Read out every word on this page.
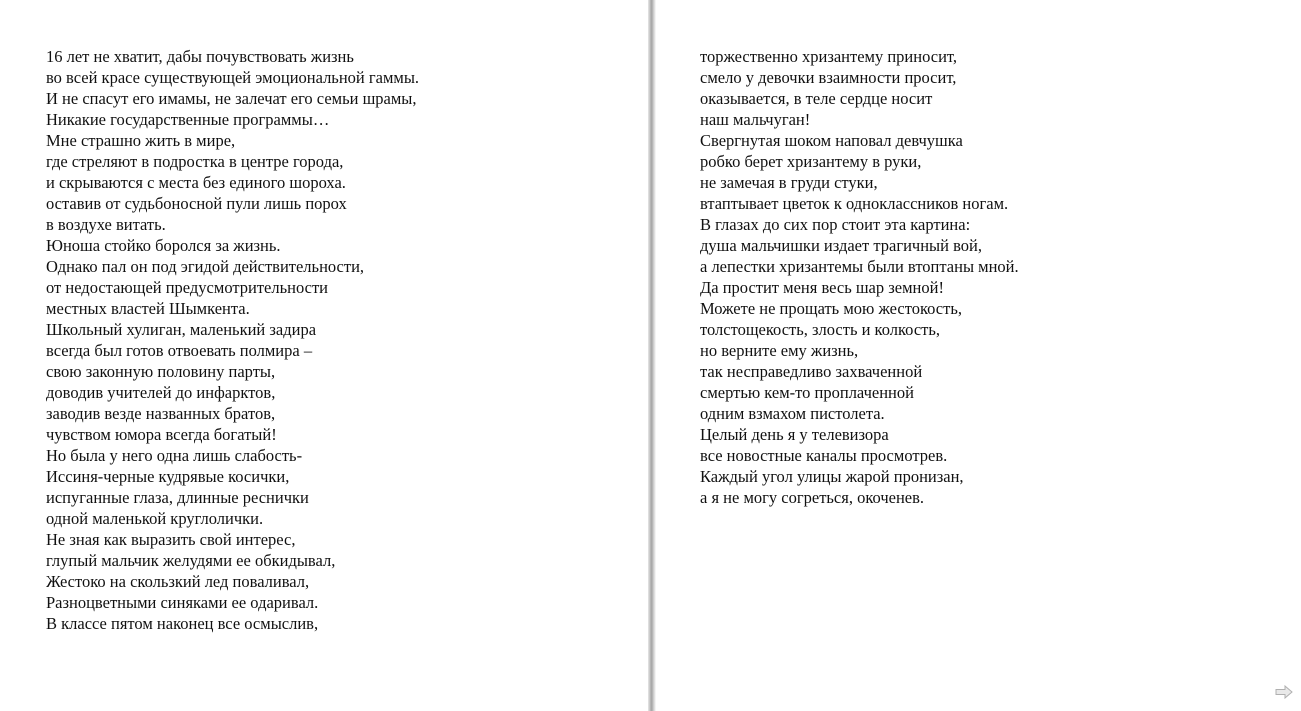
16 лет не хватит, дабы почувствовать жизнь
во всей красе существующей эмоциональной гаммы.
И не спасут его имамы, не залечат его семьи шрамы,
Никакие государственные программы…
Мне страшно жить в мире,
где стреляют в подростка в центре города,
и скрываются с места без единого шороха.
оставив от судьбоносной пули лишь порох
в воздухе витать.
Юноша стойко боролся за жизнь.
Однако пал он под эгидой действительности,
от недостающей предусмотрительности
местных властей Шымкента.
Школьный хулиган, маленький задира
всегда был готов отвоевать полмира –
свою законную половину парты,
доводив учителей до инфарктов,
заводив везде названных братов,
чувством юмора всегда богатый!
Но была у него одна лишь слабость-
Иссиня-черные кудрявые косички,
испуганные глаза, длинные реснички
одной маленькой круглолички.
Не зная как выразить свой интерес,
глупый мальчик желудями ее обкидывал,
Жестоко на скользкий лед поваливал,
Разноцветными синяками ее одаривал.
В классе пятом наконец все осмыслив,
торжественно хризантему приносит,
смело у девочки взаимности просит,
оказывается, в теле сердце носит
наш мальчуган!
Свергнутая шоком наповал девчушка
робко берет хризантему в руки,
не замечая в груди стуки,
втаптывает цветок к одноклассников ногам.
В глазах до сих пор стоит эта картина:
душа мальчишки издает трагичный вой,
а лепестки хризантемы были втоптаны мной.
Да простит меня весь шар земной!
Можете не прощать мою жестокость,
толстощекость, злость и колкость,
но верните ему жизнь,
так несправедливо захваченной
смертью кем-то проплаченной
одним взмахом пистолета.
Целый день я у телевизора
все новостные каналы просмотрев.
Каждый угол улицы жарой пронизан,
а я не могу согреться, окоченев.
